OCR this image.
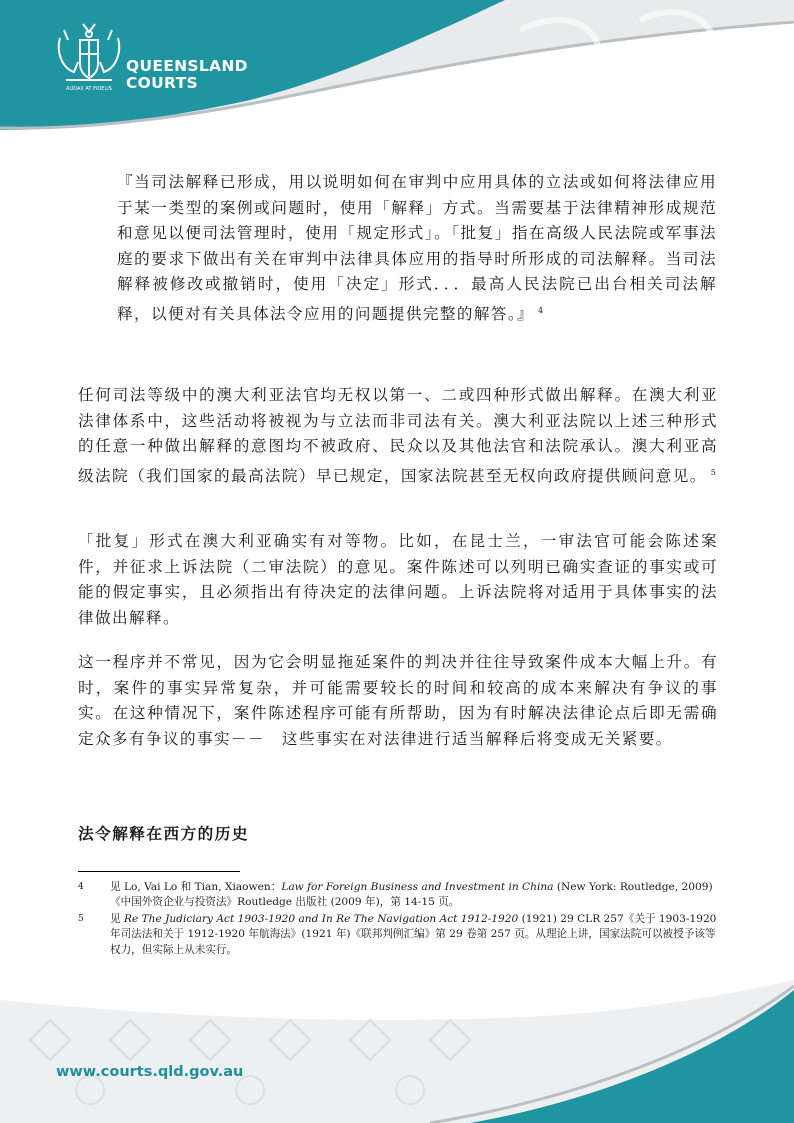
AUDAX AT FIDELIS
QUEENSLAND
COURTS
『当司法解释已形成，用以说明如何在审判中应用具体的立法或如何将法律应用于某一类型的案例或问题时，使用「解释」方式。当需要基于法律精神形成规范和意见以便司法管理时，使用「规定形式」。「批复」指在高级人民法院或军事法庭的要求下做出有关在审判中法律具体应用的指导时所形成的司法解释。当司法解释被修改或撤销时，使用「决定」形式．．．最高人民法院已出台相关司法解释，以便对有关具体法令应用的问题提供完整的解答。』 $^4$
任何司法等级中的澳大利亚法官均无权以第一、二或四种形式做出解释。在澳大利亚法律体系中，这些活动将被视为与立法而非司法有关。澳大利亚法院以上述三种形式的任意一种做出解释的意图均不被政府、民众以及其他法官和法院承认。澳大利亚高级法院（我们国家的最高法院）早已规定，国家法院甚至无权向政府提供顾问意见。 $^5$
「批复」形式在澳大利亚确实有对等物。比如，在昆士兰，一审法官可能会陈述案件，并征求上诉法院（二审法院）的意见。案件陈述可以列明已确实查证的事实或可能的假定事实，且必须指出有待决定的法律问题。上诉法院将对适用于具体事实的法律做出解释。
这一程序并不常见，因为它会明显拖延案件的判决并往往导致案件成本大幅上升。有时，案件的事实异常复杂，并可能需要较长的时间和较高的成本来解决有争议的事实。在这种情况下，案件陈述程序可能有所帮助，因为有时解决法律论点后即无需确定众多有争议的事实－－　这些事实在对法律进行适当解释后将变成无关紧要。
法令解释在西方的历史
4	见 Lo, Vai Lo 和 Tian, Xiaowen：Law for Foreign Business and Investment in China (New York: Routledge, 2009)《中国外资企业与投资法》Routledge 出版社 (2009 年)，第 14-15 页。
5	见 Re The Judiciary Act 1903-1920 and In Re The Navigation Act 1912-1920 (1921) 29 CLR 257《关于 1903-1920 年司法法和关于 1912-1920 年航海法》(1921 年)《联邦判例汇编》第 29 卷第 257 页。从理论上讲，国家法院可以被授予该等权力，但实际上从未实行。
www.courts.qld.gov.au
